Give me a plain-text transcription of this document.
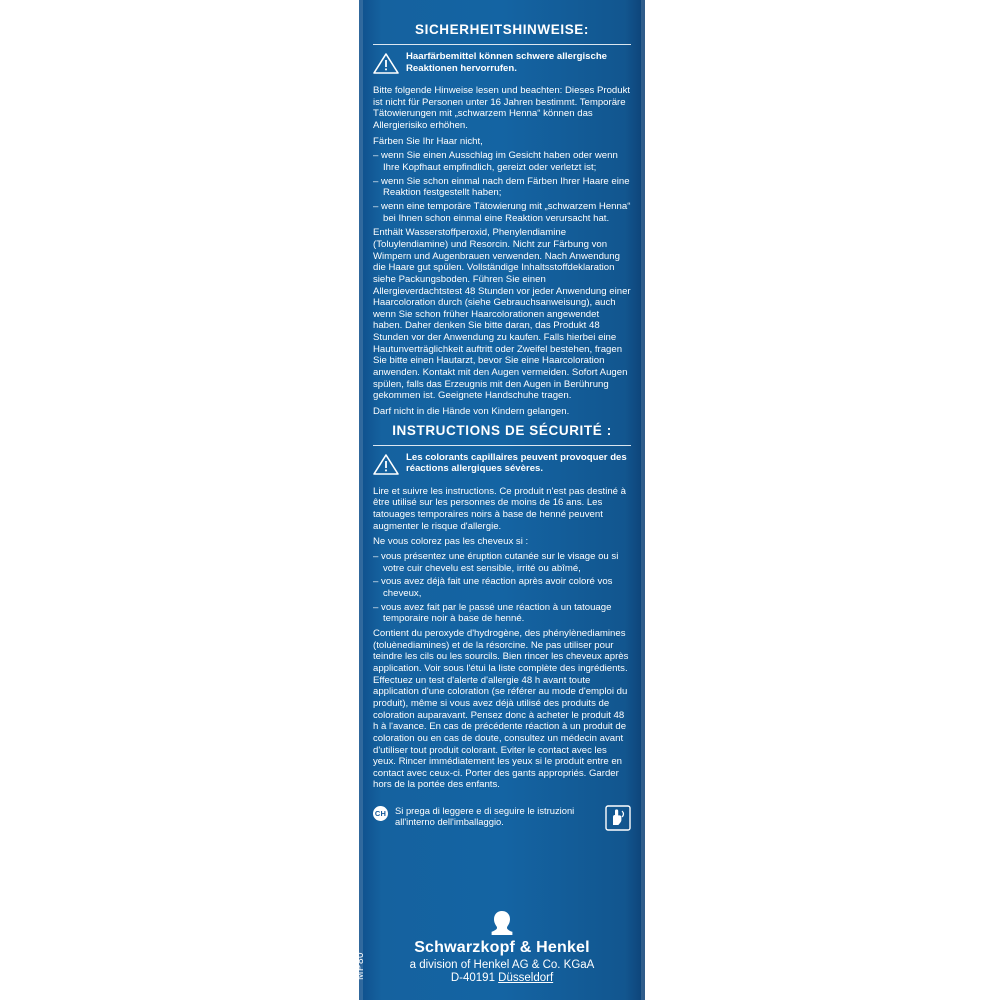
SICHERHEITSHINWEISE:
Haarfärbemittel können schwere allergische Reaktionen hervorrufen.

Bitte folgende Hinweise lesen und beachten: Dieses Produkt ist nicht für Personen unter 16 Jahren bestimmt. Temporäre Tätowierungen mit „schwarzem Henna“ können das Allergierisiko erhöhen.

Färben Sie Ihr Haar nicht,

– wenn Sie einen Ausschlag im Gesicht haben oder wenn Ihre Kopfhaut empfindlich, gereizt oder verletzt ist;
– wenn Sie schon einmal nach dem Färben Ihrer Haare eine Reaktion festgestellt haben;
– wenn eine temporäre Tätowierung mit „schwarzem Henna“ bei Ihnen schon einmal eine Reaktion verursacht hat.

Enthält Wasserstoffperoxid, Phenylendiamine (Toluylendiamine) und Resorcin. Nicht zur Färbung von Wimpern und Augenbrauen verwenden. Nach Anwendung die Haare gut spülen. Vollständige Inhaltsstoffdeklaration siehe Packungsboden. Führen Sie einen Allergieverdachtstest 48 Stunden vor jeder Anwendung einer Haarcoloration durch (siehe Gebrauchsanweisung), auch wenn Sie schon früher Haarcolorationen angewendet haben. Daher denken Sie bitte daran, das Produkt 48 Stunden vor der Anwendung zu kaufen. Falls hierbei eine Hautunverträglichkeit auftritt oder Zweifel bestehen, fragen Sie bitte einen Hautarzt, bevor Sie eine Haarcoloration anwenden. Kontakt mit den Augen vermeiden. Sofort Augen spülen, falls das Erzeugnis mit den Augen in Berührung gekommen ist. Geeignete Handschuhe tragen.

Darf nicht in die Hände von Kindern gelangen.

INSTRUCTIONS DE SÉCURITÉ :
Les colorants capillaires peuvent provoquer des réactions allergiques sévères.

Lire et suivre les instructions. Ce produit n'est pas destiné à être utilisé sur les personnes de moins de 16 ans. Les tatouages temporaires noirs à base de henné peuvent augmenter le risque d'allergie.

Ne vous colorez pas les cheveux si :

– vous présentez une éruption cutanée sur le visage ou si votre cuir chevelu est sensible, irrité ou abîmé,
– vous avez déjà fait une réaction après avoir coloré vos cheveux,
– vous avez fait par le passé une réaction à un tatouage temporaire noir à base de henné.

Contient du peroxyde d'hydrogène, des phénylènediamines (toluènediamines) et de la résorcine. Ne pas utiliser pour teindre les cils ou les sourcils. Bien rincer les cheveux après application. Voir sous l'étui la liste complète des ingrédients. Effectuez un test d'alerte d'allergie 48 h avant toute application d'une coloration (se référer au mode d'emploi du produit), même si vous avez déjà utilisé des produits de coloration auparavant. Pensez donc à acheter le produit 48 h à l'avance. En cas de précédente réaction à un produit de coloration ou en cas de doute, consultez un médecin avant d'utiliser tout produit colorant. Eviter le contact avec les yeux. Rincer immédiatement les yeux si le produit entre en contact avec ceux-ci. Porter des gants appropriés. Garder hors de la portée des enfants.

CH Si prega di leggere e di seguire le istruzioni all'interno dell'imballaggio.

Schwarzkopf & Henkel

a division of Henkel AG & Co. KGaA

D-40191 Düsseldorf

MP80
